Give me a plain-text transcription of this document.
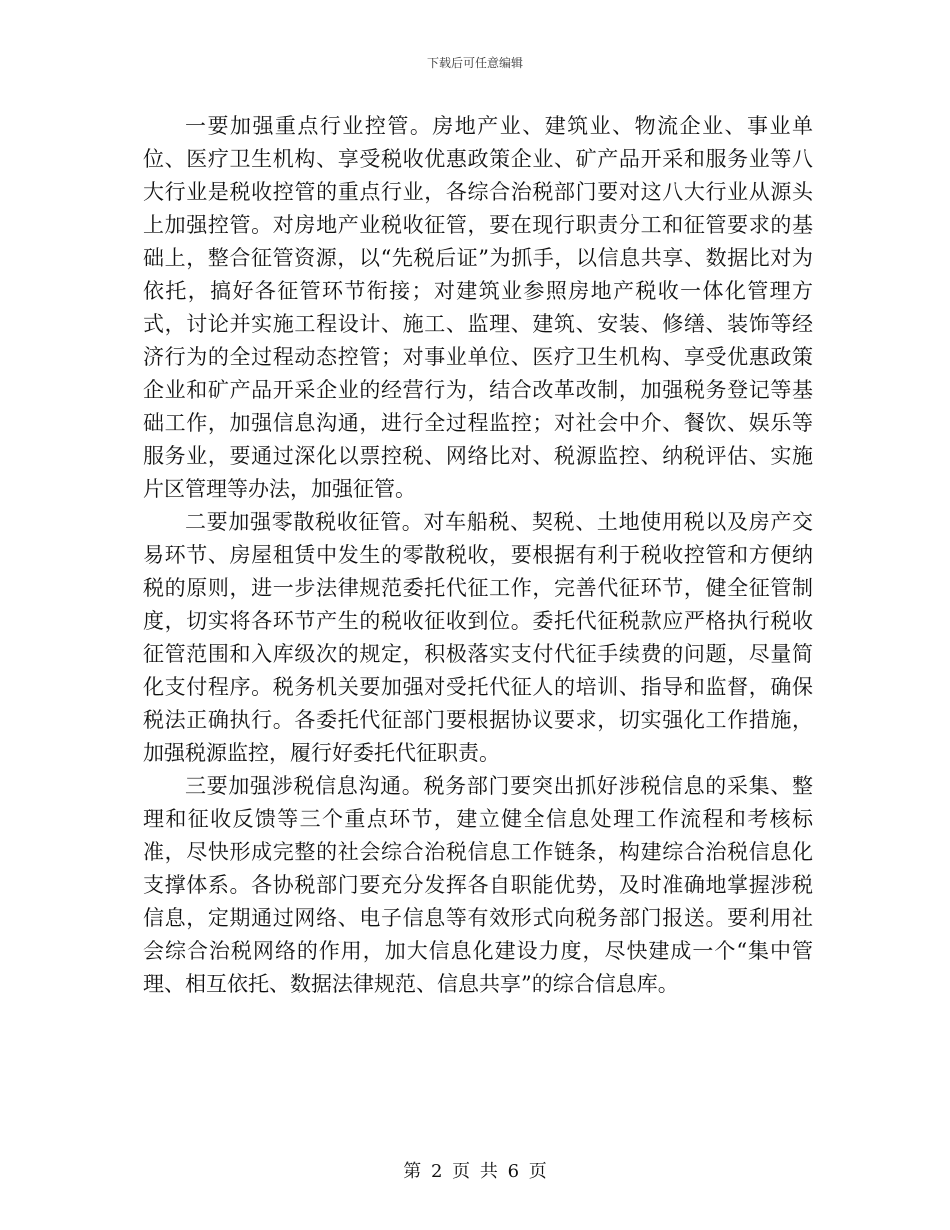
下载后可任意编辑

一要加强重点行业控管。房地产业、建筑业、物流企业、事业单位、医疗卫生机构、享受税收优惠政策企业、矿产品开采和服务业等八大行业是税收控管的重点行业，各综合治税部门要对这八大行业从源头上加强控管。对房地产业税收征管，要在现行职责分工和征管要求的基础上，整合征管资源，以“先税后证”为抓手，以信息共享、数据比对为依托，搞好各征管环节衔接；对建筑业参照房地产税收一体化管理方式，讨论并实施工程设计、施工、监理、建筑、安装、修缮、装饰等经济行为的全过程动态控管；对事业单位、医疗卫生机构、享受优惠政策企业和矿产品开采企业的经营行为，结合改革改制，加强税务登记等基础工作，加强信息沟通，进行全过程监控；对社会中介、餐饮、娱乐等服务业，要通过深化以票控税、网络比对、税源监控、纳税评估、实施片区管理等办法，加强征管。

二要加强零散税收征管。对车船税、契税、土地使用税以及房产交易环节、房屋租赁中发生的零散税收，要根据有利于税收控管和方便纳税的原则，进一步法律规范委托代征工作，完善代征环节，健全征管制度，切实将各环节产生的税收征收到位。委托代征税款应严格执行税收征管范围和入库级次的规定，积极落实支付代征手续费的问题，尽量简化支付程序。税务机关要加强对受托代征人的培训、指导和监督，确保税法正确执行。各委托代征部门要根据协议要求，切实强化工作措施，加强税源监控，履行好委托代征职责。

三要加强涉税信息沟通。税务部门要突出抓好涉税信息的采集、整理和征收反馈等三个重点环节，建立健全信息处理工作流程和考核标准，尽快形成完整的社会综合治税信息工作链条，构建综合治税信息化支撑体系。各协税部门要充分发挥各自职能优势，及时准确地掌握涉税信息，定期通过网络、电子信息等有效形式向税务部门报送。要利用社会综合治税网络的作用，加大信息化建设力度，尽快建成一个“集中管理、相互依托、数据法律规范、信息共享”的综合信息库。

第 2 页 共 6 页
